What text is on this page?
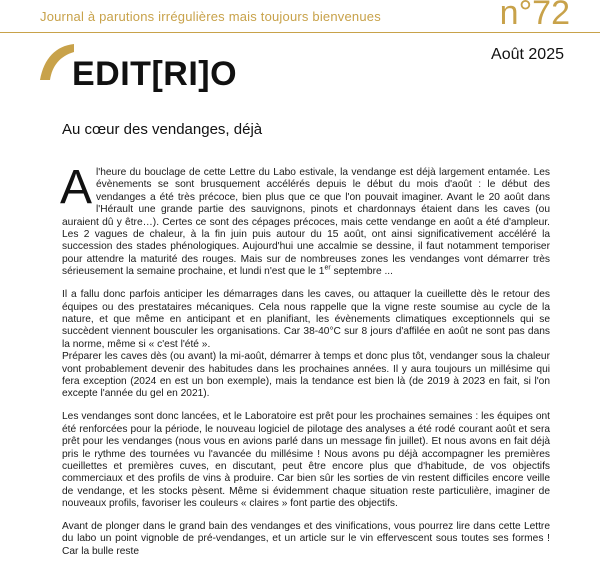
Journal à parutions irrégulières mais toujours bienvenues	n°72
EDIT[RI]O
Août 2025
Au cœur des vendanges, déjà

Al'heure du bouclage de cette Lettre du Labo estivale, la vendange est déjà largement entamée. Les évènements se sont brusquement accélérés depuis le début du mois d'août : le début des vendanges a été très précoce, bien plus que ce que l'on pouvait imaginer. Avant le 20 août dans l'Hérault une grande partie des sauvignons, pinots et chardonnays étaient dans les caves (ou auraient dû y être…). Certes ce sont des cépages précoces, mais cette vendange en août a été d'ampleur. Les 2 vagues de chaleur, à la fin juin puis autour du 15 août, ont ainsi significativement accéléré la succession des stades phénologiques. Aujourd'hui une accalmie se dessine, il faut notamment temporiser pour attendre la maturité des rouges. Mais sur de nombreuses zones les vendanges vont démarrer très sérieusement la semaine prochaine, et lundi n'est que le 1er septembre ...

Il a fallu donc parfois anticiper les démarrages dans les caves, ou attaquer la cueillette dès le retour des équipes ou des prestataires mécaniques. Cela nous rappelle que la vigne reste soumise au cycle de la nature, et que même en anticipant et en planifiant, les évènements climatiques exceptionnels qui se succèdent viennent bousculer les organisations. Car 38-40°C sur 8 jours d'affilée en août ne sont pas dans la norme, même si « c'est l'été ».
Préparer les caves dès (ou avant) la mi-août, démarrer à temps et donc plus tôt, vendanger sous la chaleur vont probablement devenir des habitudes dans les prochaines années. Il y aura toujours un millésime qui fera exception (2024 en est un bon exemple), mais la tendance est bien là (de 2019 à 2023 en fait, si l'on excepte l'année du gel en 2021).

Les vendanges sont donc lancées, et le Laboratoire est prêt pour les prochaines semaines : les équipes ont été renforcées pour la période, le nouveau logiciel de pilotage des analyses a été rodé courant août et sera prêt pour les vendanges (nous vous en avions parlé dans un message fin juillet). Et nous avons en fait déjà pris le rythme des tournées vu l'avancée du millésime ! Nous avons pu déjà accompagner les premières cueillettes et premières cuves, en discutant, peut être encore plus que d'habitude, de vos objectifs commerciaux et des profils de vins à produire. Car bien sûr les sorties de vin restent difficiles encore veille de vendange, et les stocks pèsent. Même si évidemment chaque situation reste particulière, imaginer de nouveaux profils, favoriser les couleurs « claires » font partie des objectifs.

Avant de plonger dans le grand bain des vendanges et des vinifications, vous pourrez lire dans cette Lettre du labo un point vignoble de pré-vendanges, et un article sur le vin effervescent sous toutes ses formes ! Car la bulle reste
